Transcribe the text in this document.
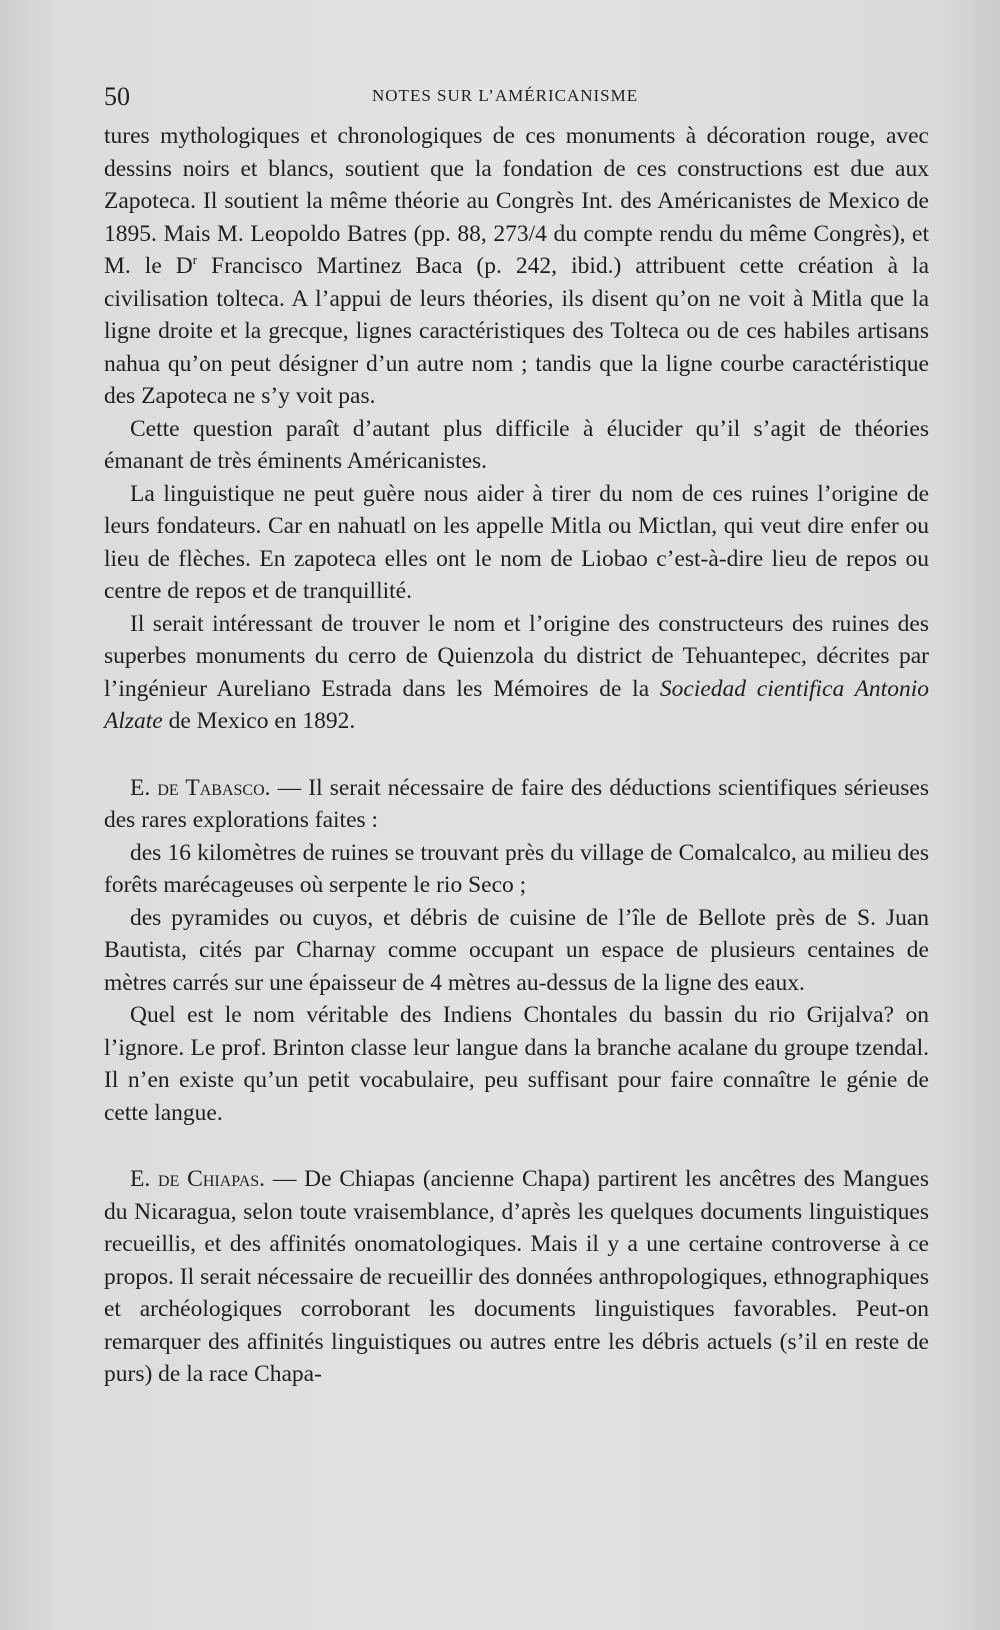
50	NOTES SUR L’AMÉRICANISME

tures mythologiques et chronologiques de ces monuments à décoration rouge, avec dessins noirs et blancs, soutient que la fondation de ces constructions est due aux Zapoteca. Il soutient la même théorie au Congrès Int. des Américanistes de Mexico de 1895. Mais M. Leopoldo Batres (pp. 88, 273/4 du compte rendu du même Congrès), et M. le $D^r$ Francisco Martinez Baca (p. 242, ibid.) attribuent cette création à la civilisation tolteca. A l’appui de leurs théories, ils disent qu’on ne voit à Mitla que la ligne droite et la grecque, lignes caractéristiques des Tolteca ou de ces habiles artisans nahua qu’on peut désigner d’un autre nom ; tandis que la ligne courbe caractéristique des Zapoteca ne s’y voit pas.

Cette question paraît d’autant plus difficile à élucider qu’il s’agit de théories émanant de très éminents Américanistes.

La linguistique ne peut guère nous aider à tirer du nom de ces ruines l’origine de leurs fondateurs. Car en nahuatl on les appelle Mitla ou Mictlan, qui veut dire enfer ou lieu de flèches. En zapoteca elles ont le nom de Liobao c’est-à-dire lieu de repos ou centre de repos et de tranquillité.

Il serait intéressant de trouver le nom et l’origine des constructeurs des ruines des superbes monuments du cerro de Quienzola du district de Tehuantepec, décrites par l’ingénieur Aureliano Estrada dans les Mémoires de la Sociedad cientifica Antonio Alzate de Mexico en 1892.

E. de Tabasco. — Il serait nécessaire de faire des déductions scientifiques sérieuses des rares explorations faites :

des 16 kilomètres de ruines se trouvant près du village de Comalcalco, au milieu des forêts marécageuses où serpente le rio Seco ;

des pyramides ou cuyos, et débris de cuisine de l’île de Bellote près de S. Juan Bautista, cités par Charnay comme occupant un espace de plusieurs centaines de mètres carrés sur une épaisseur de 4 mètres au-dessus de la ligne des eaux.

Quel est le nom véritable des Indiens Chontales du bassin du rio Grijalva? on l’ignore. Le prof. Brinton classe leur langue dans la branche acalane du groupe tzendal. Il n’en existe qu’un petit vocabulaire, peu suffisant pour faire connaître le génie de cette langue.

E. de Chiapas. — De Chiapas (ancienne Chapa) partirent les ancêtres des Mangues du Nicaragua, selon toute vraisemblance, d’après les quelques documents linguistiques recueillis, et des affinités onomatologiques. Mais il y a une certaine controverse à ce propos. Il serait nécessaire de recueillir des données anthropologiques, ethnographiques et archéologiques corroborant les documents linguistiques favorables. Peut-on remarquer des affinités linguistiques ou autres entre les débris actuels (s’il en reste de purs) de la race Chapa-
